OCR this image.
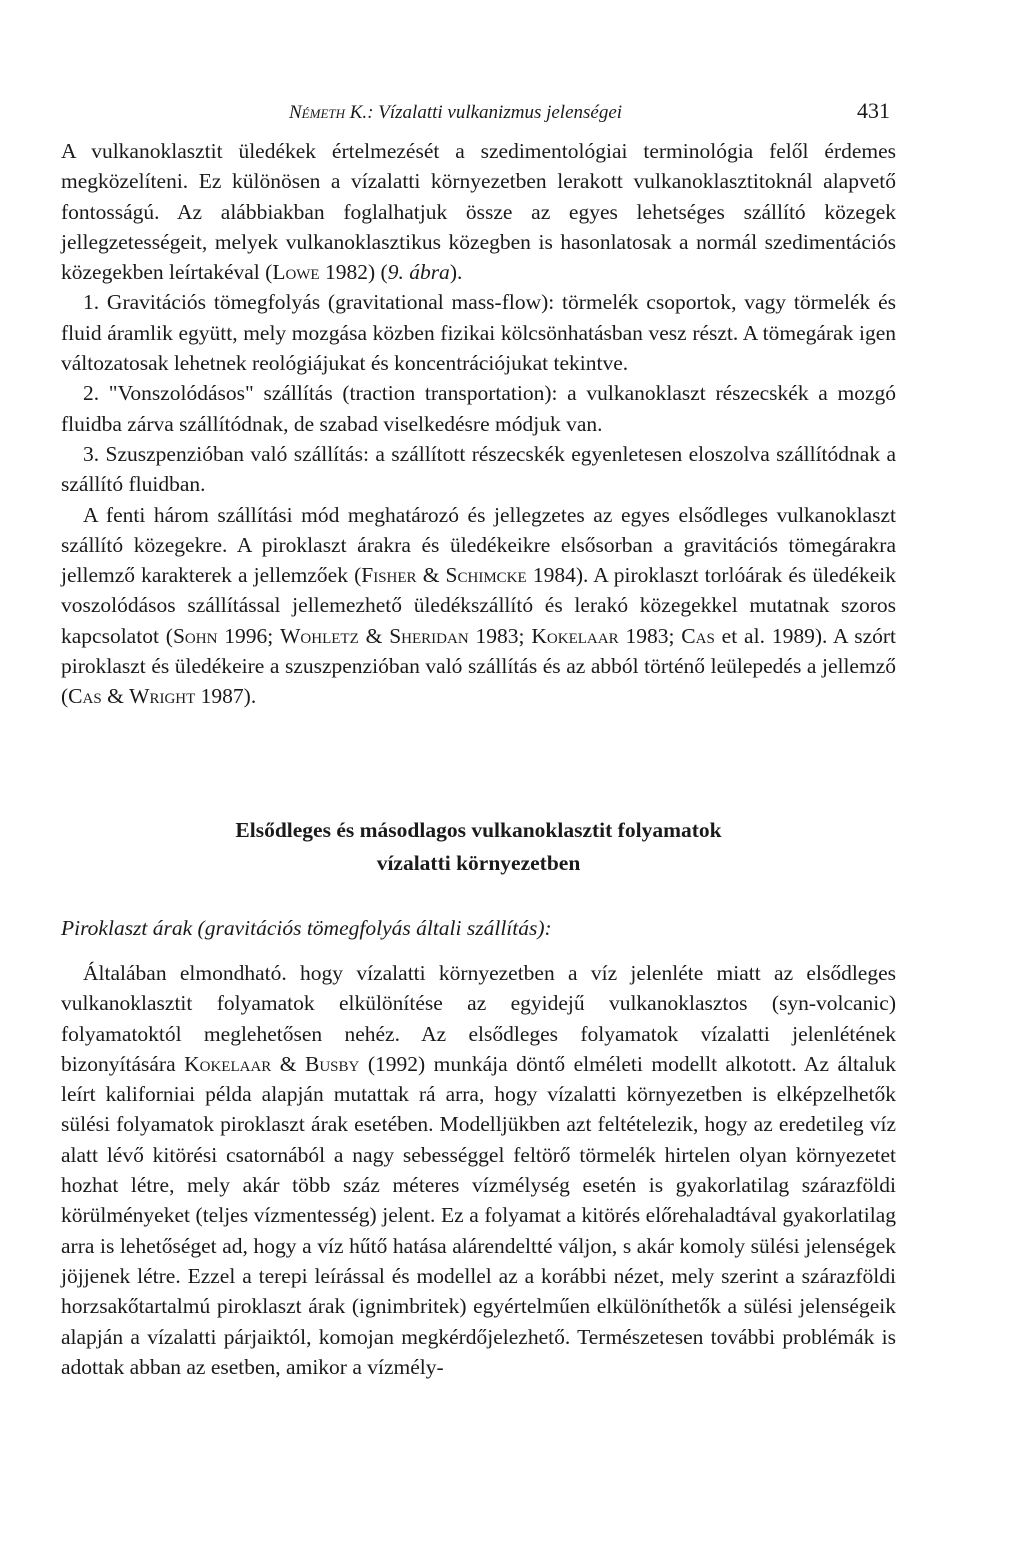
Németh K.: Vízalatti vulkanizmus jelenségei	431

A vulkanoklasztit üledékek értelmezését a szedimentológiai terminológia felől érdemes megközelíteni. Ez különösen a vízalatti környezetben lerakott vulkanoklasztitoknál alapvető fontosságú. Az alábbiakban foglalhatjuk össze az egyes lehetséges szállító közegek jellegzetességeit, melyek vulkanoklasztikus közegben is hasonlatosak a normál szedimentációs közegekben leírtakéval (Lowe 1982) (9. ábra).

1. Gravitációs tömegfolyás (gravitational mass-flow): törmelék csoportok, vagy törmelék és fluid áramlik együtt, mely mozgása közben fizikai kölcsönhatásban vesz részt. A tömegárak igen változatosak lehetnek reológiájukat és koncentrációjukat tekintve.

2. "Vonszolódásos" szállítás (traction transportation): a vulkanoklaszt részecskék a mozgó fluidba zárva szállítódnak, de szabad viselkedésre módjuk van.

3. Szuszpenzióban való szállítás: a szállított részecskék egyenletesen eloszolva szállítódnak a szállító fluidban.

A fenti három szállítási mód meghatározó és jellegzetes az egyes elsődleges vulkanoklaszt szállító közegekre. A piroklaszt árakra és üledékeikre elsősorban a gravitációs tömegárakra jellemző karakterek a jellemzőek (Fisher & Schimcke 1984). A piroklaszt torlóárak és üledékeik voszolódásos szállítással jellemezhető üledékszállító és lerakó közegekkel mutatnak szoros kapcsolatot (Sohn 1996; Wohletz & Sheridan 1983; Kokelaar 1983; Cas et al. 1989). A szórt piroklaszt és üledékeire a szuszpenzióban való szállítás és az abból történő leülepedés a jellemző (Cas & Wright 1987).

Elsődleges és másodlagos vulkanoklasztit folyamatok
vízalatti környezetben
Piroklaszt árak (gravitációs tömegfolyás általi szállítás):

Általában elmondható. hogy vízalatti környezetben a víz jelenléte miatt az elsődleges vulkanoklasztit folyamatok elkülönítése az egyidejű vulkanoklasztos (syn-volcanic) folyamatoktól meglehetősen nehéz. Az elsődleges folyamatok vízalatti jelenlétének bizonyítására Kokelaar & Busby (1992) munkája döntő elméleti modellt alkotott. Az általuk leírt kaliforniai példa alapján mutattak rá arra, hogy vízalatti környezetben is elképzelhetők sülési folyamatok piroklaszt árak esetében. Modelljükben azt feltételezik, hogy az eredetileg víz alatt lévő kitörési csatornából a nagy sebességgel feltörő törmelék hirtelen olyan környezetet hozhat létre, mely akár több száz méteres vízmélység esetén is gyakorlatilag szárazföldi körülményeket (teljes vízmentesség) jelent. Ez a folyamat a kitörés előrehaladtával gyakorlatilag arra is lehetőséget ad, hogy a víz hűtő hatása alárendeltté váljon, s akár komoly sülési jelenségek jöjjenek létre. Ezzel a terepi leírással és modellel az a korábbi nézet, mely szerint a szárazföldi horzsakőtartalmú piroklaszt árak (ignimbritek) egyértelműen elkülöníthetők a sülési jelenségeik alapján a vízalatti párjaiktól, komojan megkérdőjelezhető. Természetesen további problémák is adottak abban az esetben, amikor a vízmély-
